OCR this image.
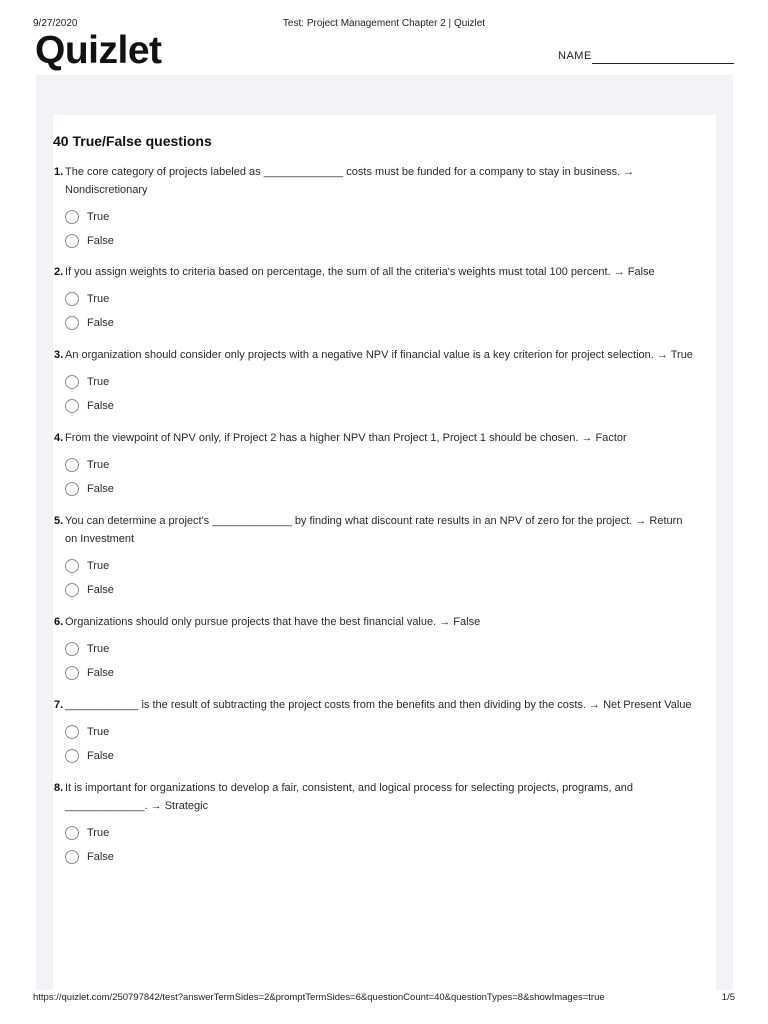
9/27/2020	Test: Project Management Chapter 2 | Quizlet
Quizlet	NAME
40 True/False questions
1. The core category of projects labeled as _____________ costs must be funded for a company to stay in business. → Nondiscretionary
True
False
2. If you assign weights to criteria based on percentage, the sum of all the criteria's weights must total 100 percent. → False
True
False
3. An organization should consider only projects with a negative NPV if financial value is a key criterion for project selection. → True
True
False
4. From the viewpoint of NPV only, if Project 2 has a higher NPV than Project 1, Project 1 should be chosen. → Factor
True
False
5. You can determine a project's _____________ by finding what discount rate results in an NPV of zero for the project. → Return on Investment
True
False
6. Organizations should only pursue projects that have the best financial value. → False
True
False
7. ____________ is the result of subtracting the project costs from the benefits and then dividing by the costs. → Net Present Value
True
False
8. It is important for organizations to develop a fair, consistent, and logical process for selecting projects, programs, and _____________. → Strategic
True
False
https://quizlet.com/250797842/test?answerTermSides=2&promptTermSides=6&questionCount=40&questionTypes=8&showImages=true	1/5
